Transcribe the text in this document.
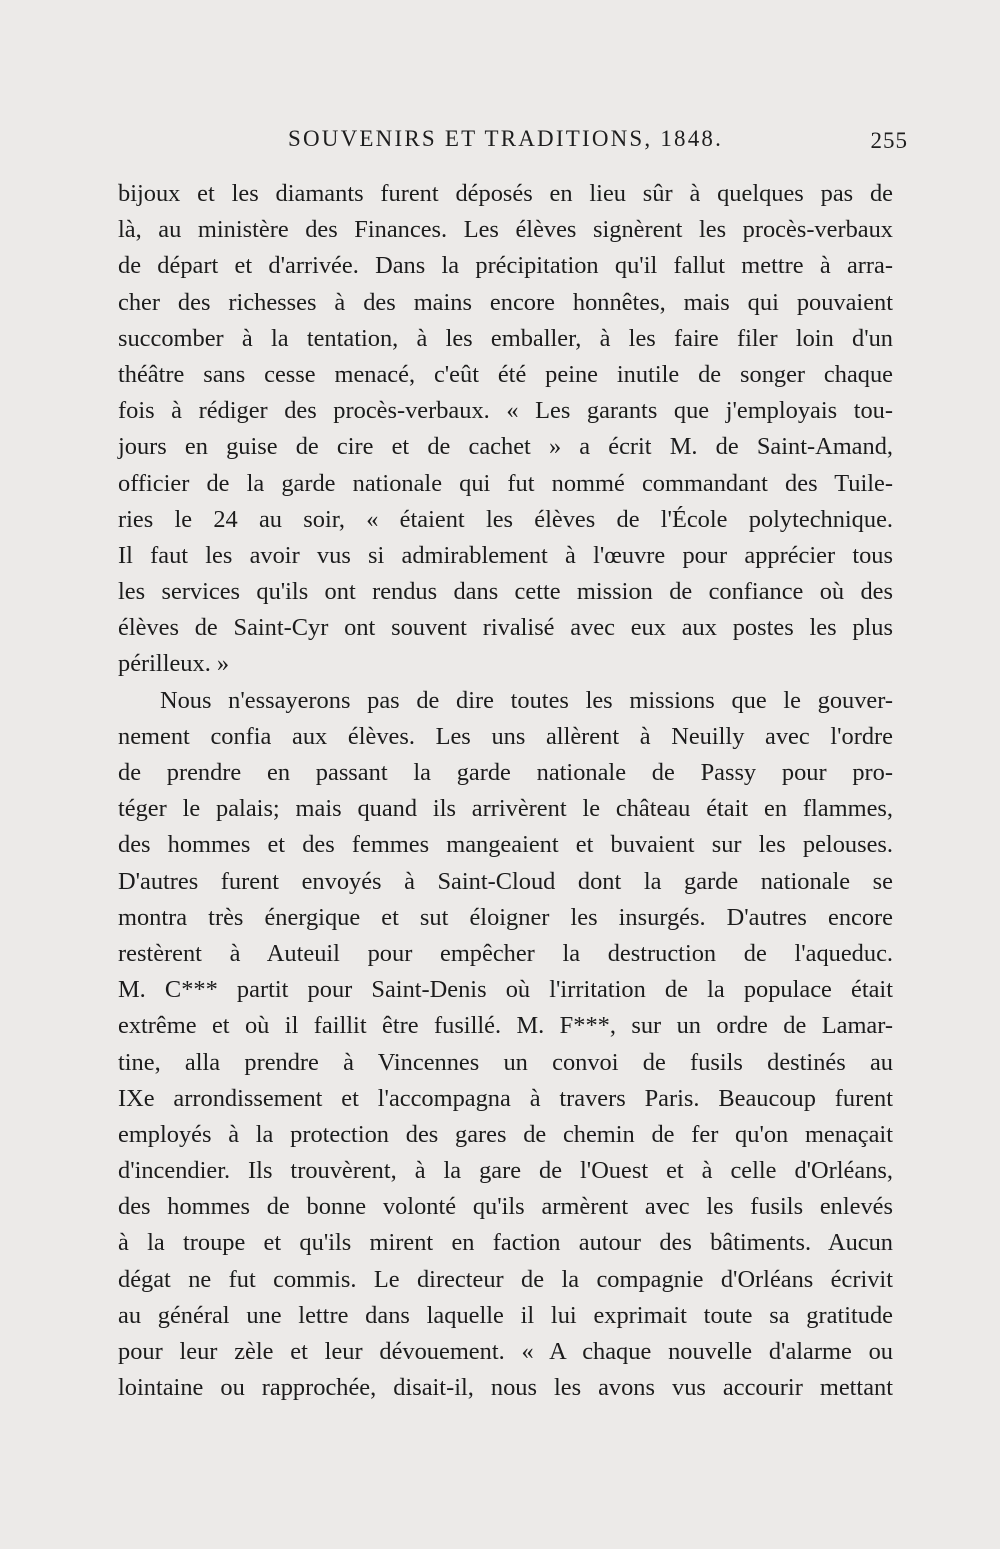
SOUVENIRS ET TRADITIONS, 1848.	255
bijoux et les diamants furent déposés en lieu sûr à quelques pas de
là, au ministère des Finances. Les élèves signèrent les procès-verbaux
de départ et d'arrivée. Dans la précipitation qu'il fallut mettre à arra-
cher des richesses à des mains encore honnêtes, mais qui pouvaient
succomber à la tentation, à les emballer, à les faire filer loin d'un
théâtre sans cesse menacé, c'eût été peine inutile de songer chaque
fois à rédiger des procès-verbaux. « Les garants que j'employais tou-
jours en guise de cire et de cachet » a écrit M. de Saint-Amand,
officier de la garde nationale qui fut nommé commandant des Tuile-
ries le 24 au soir, « étaient les élèves de l'École polytechnique.
Il faut les avoir vus si admirablement à l'œuvre pour apprécier tous
les services qu'ils ont rendus dans cette mission de confiance où des
élèves de Saint-Cyr ont souvent rivalisé avec eux aux postes les plus
périlleux. »
Nous n'essayerons pas de dire toutes les missions que le gouver-
nement confia aux élèves. Les uns allèrent à Neuilly avec l'ordre
de prendre en passant la garde nationale de Passy pour pro-
téger le palais; mais quand ils arrivèrent le château était en flammes,
des hommes et des femmes mangeaient et buvaient sur les pelouses.
D'autres furent envoyés à Saint-Cloud dont la garde nationale se
montra très énergique et sut éloigner les insurgés. D'autres encore
restèrent à Auteuil pour empêcher la destruction de l'aqueduc.
M. C*** partit pour Saint-Denis où l'irritation de la populace était
extrême et où il faillit être fusillé. M. F***, sur un ordre de Lamar-
tine, alla prendre à Vincennes un convoi de fusils destinés au
IXe arrondissement et l'accompagna à travers Paris. Beaucoup furent
employés à la protection des gares de chemin de fer qu'on menaçait
d'incendier. Ils trouvèrent, à la gare de l'Ouest et à celle d'Orléans,
des hommes de bonne volonté qu'ils armèrent avec les fusils enlevés
à la troupe et qu'ils mirent en faction autour des bâtiments. Aucun
dégat ne fut commis. Le directeur de la compagnie d'Orléans écrivit
au général une lettre dans laquelle il lui exprimait toute sa gratitude
pour leur zèle et leur dévouement. « A chaque nouvelle d'alarme ou
lointaine ou rapprochée, disait-il, nous les avons vus accourir mettant
